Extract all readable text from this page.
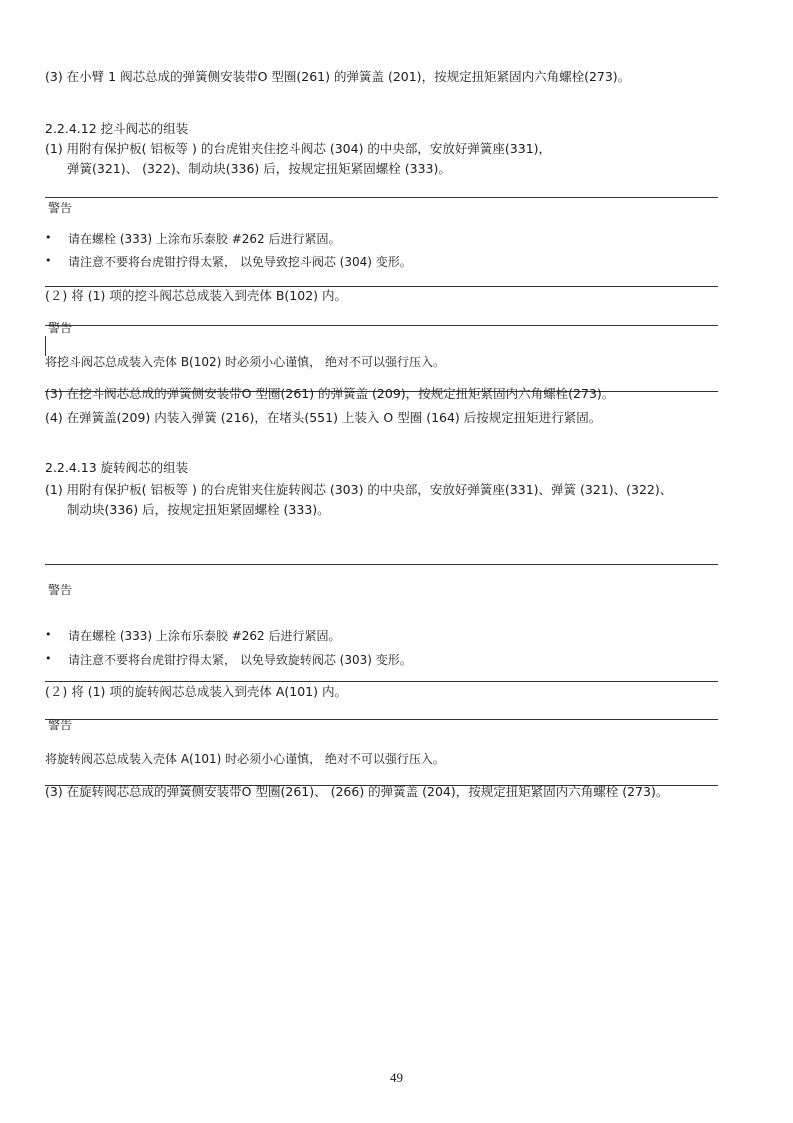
(3) 在小臂 1 阀芯总成的弹簧侧安装带O 型圈(261) 的弹簧盖 (201)，按规定扭矩紧固内六角螺栓(273)。
2.2.4.12 挖斗阀芯的组装
(1) 用附有保护板( 铝板等 ) 的台虎钳夹住挖斗阀芯 (304) 的中央部，安放好弹簧座(331)，
弹簧(321)、 (322)、制动块(336) 后，按规定扭矩紧固螺栓 (333)。
警告
• 请在螺栓 (333) 上涂布乐泰胶 #262 后进行紧固。
• 请注意不要将台虎钳拧得太紧， 以免导致挖斗阀芯 (304) 变形。
(２) 将 (1) 项的挖斗阀芯总成装入到壳体 B(102) 内。
警告
将挖斗阀芯总成装入壳体 B(102) 时必须小心谨慎， 绝对不可以强行压入。
(3) 在挖斗阀芯总成的弹簧侧安装带O 型圈(261) 的弹簧盖 (209)，按规定扭矩紧固内六角螺栓(273)。
(4) 在弹簧盖(209) 内装入弹簧 (216)，在堵头(551) 上装入 O 型圈 (164) 后按规定扭矩进行紧固。
2.2.4.13 旋转阀芯的组装
(1) 用附有保护板( 铝板等 ) 的台虎钳夹住旋转阀芯 (303) 的中央部，安放好弹簧座(331)、弹簧 (321)、(322)、
制动块(336) 后，按规定扭矩紧固螺栓 (333)。
警告
• 请在螺栓 (333) 上涂布乐泰胶 #262 后进行紧固。
• 请注意不要将台虎钳拧得太紧， 以免导致旋转阀芯 (303) 变形。
(２) 将 (1) 项的旋转阀芯总成装入到壳体 A(101) 内。
警告
将旋转阀芯总成装入壳体 A(101) 时必须小心谨慎， 绝对不可以强行压入。
(3) 在旋转阀芯总成的弹簧侧安装带O 型圈(261)、 (266) 的弹簧盖 (204)，按规定扭矩紧固内六角螺栓 (273)。
49
